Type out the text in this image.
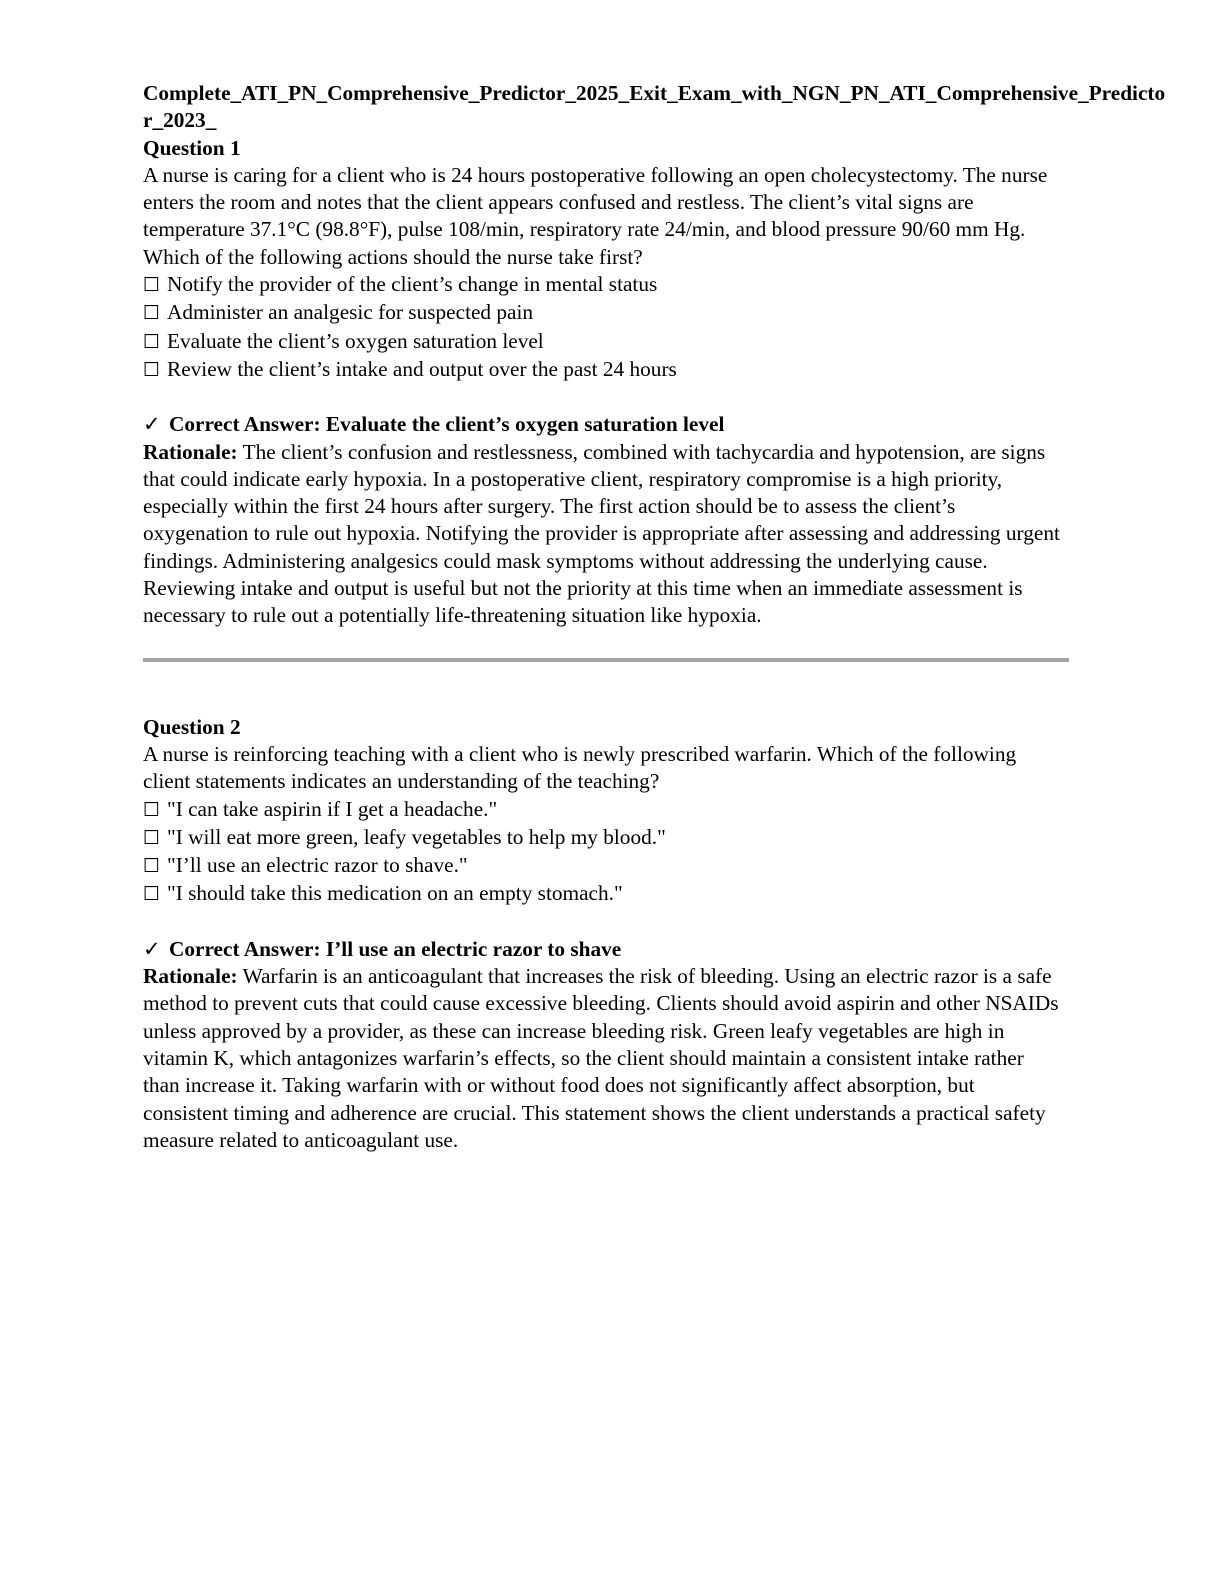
Complete_ATI_PN_Comprehensive_Predictor_2025_Exit_Exam_with_NGN_PN_ATI_Comprehensive_Predictor_2023_

Question 1

A nurse is caring for a client who is 24 hours postoperative following an open cholecystectomy. The nurse enters the room and notes that the client appears confused and restless. The client’s vital signs are temperature 37.1°C (98.8°F), pulse 108/min, respiratory rate 24/min, and blood pressure 90/60 mm Hg. Which of the following actions should the nurse take first?

☐ Notify the provider of the client’s change in mental status
☐ Administer an analgesic for suspected pain
☐ Evaluate the client’s oxygen saturation level
☐ Review the client’s intake and output over the past 24 hours

✓ Correct Answer: Evaluate the client’s oxygen saturation level

Rationale: The client’s confusion and restlessness, combined with tachycardia and hypotension, are signs that could indicate early hypoxia. In a postoperative client, respiratory compromise is a high priority, especially within the first 24 hours after surgery. The first action should be to assess the client’s oxygenation to rule out hypoxia. Notifying the provider is appropriate after assessing and addressing urgent findings. Administering analgesics could mask symptoms without addressing the underlying cause. Reviewing intake and output is useful but not the priority at this time when an immediate assessment is necessary to rule out a potentially life-threatening situation like hypoxia.

Question 2

A nurse is reinforcing teaching with a client who is newly prescribed warfarin. Which of the following client statements indicates an understanding of the teaching?

☐ "I can take aspirin if I get a headache."
☐ "I will eat more green, leafy vegetables to help my blood."
☐ "I’ll use an electric razor to shave."
☐ "I should take this medication on an empty stomach."

✓ Correct Answer: I’ll use an electric razor to shave

Rationale: Warfarin is an anticoagulant that increases the risk of bleeding. Using an electric razor is a safe method to prevent cuts that could cause excessive bleeding. Clients should avoid aspirin and other NSAIDs unless approved by a provider, as these can increase bleeding risk. Green leafy vegetables are high in vitamin K, which antagonizes warfarin’s effects, so the client should maintain a consistent intake rather than increase it. Taking warfarin with or without food does not significantly affect absorption, but consistent timing and adherence are crucial. This statement shows the client understands a practical safety measure related to anticoagulant use.
